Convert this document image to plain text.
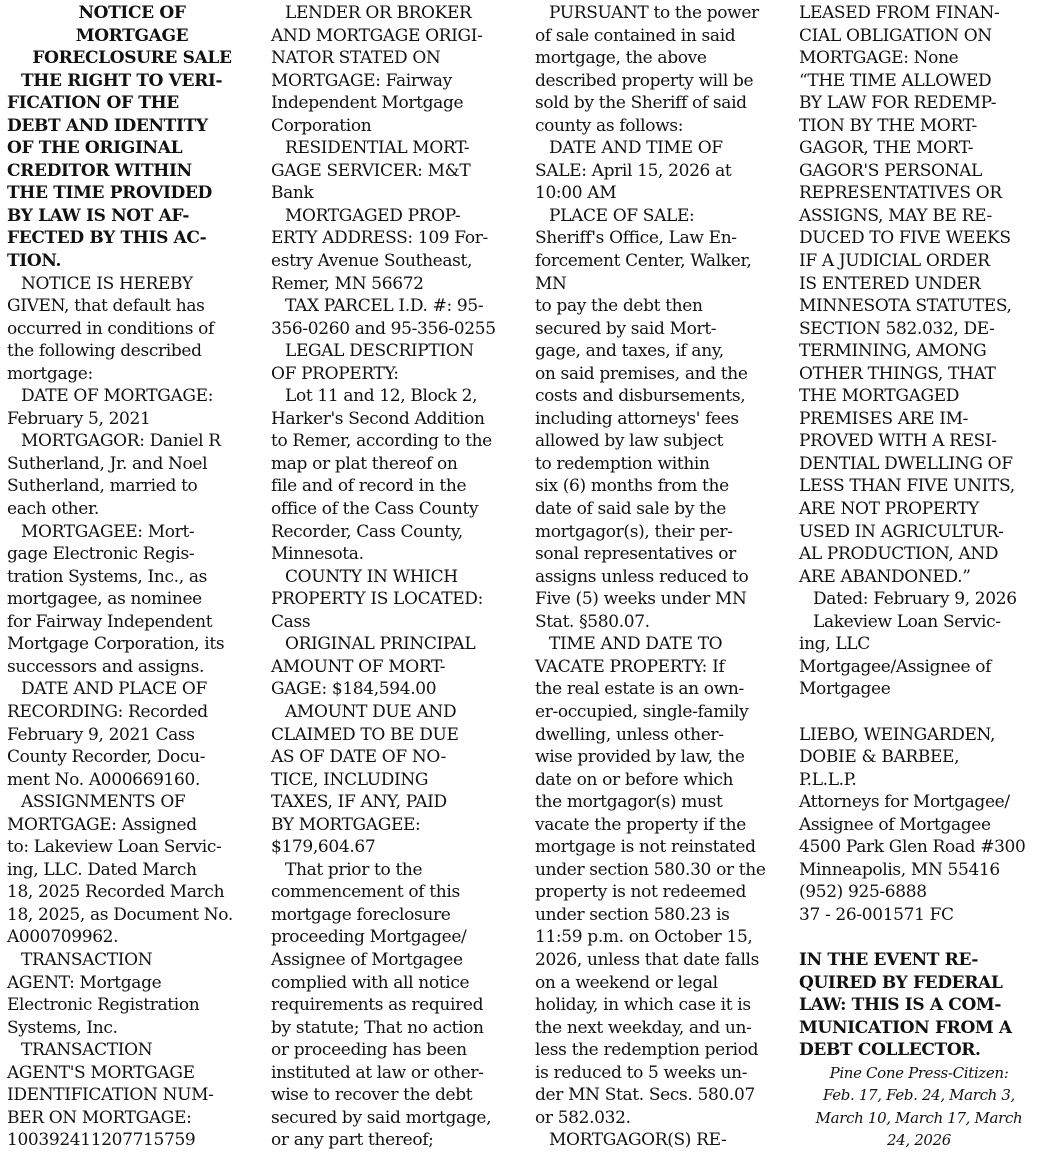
NOTICE OF
MORTGAGE
FORECLOSURE SALE
THE RIGHT TO VERI-
FICATION OF THE
DEBT AND IDENTITY
OF THE ORIGINAL
CREDITOR WITHIN
THE TIME PROVIDED
BY LAW IS NOT AF-
FECTED BY THIS AC-
TION.
NOTICE IS HEREBY
GIVEN, that default has
occurred in conditions of
the following described
mortgage:
DATE OF MORTGAGE:
February 5, 2021
MORTGAGOR: Daniel R
Sutherland, Jr. and Noel
Sutherland, married to
each other.
MORTGAGEE: Mort-
gage Electronic Regis-
tration Systems, Inc., as
mortgagee, as nominee
for Fairway Independent
Mortgage Corporation, its
successors and assigns.
DATE AND PLACE OF
RECORDING: Recorded
February 9, 2021 Cass
County Recorder, Docu-
ment No. A000669160.
ASSIGNMENTS OF
MORTGAGE: Assigned
to: Lakeview Loan Servic-
ing, LLC. Dated March
18, 2025 Recorded March
18, 2025, as Document No.
A000709962.
TRANSACTION
AGENT: Mortgage
Electronic Registration
Systems, Inc.
TRANSACTION
AGENT'S MORTGAGE
IDENTIFICATION NUM-
BER ON MORTGAGE:
100392411207715759
LENDER OR BROKER
AND MORTGAGE ORIGI-
NATOR STATED ON
MORTGAGE: Fairway
Independent Mortgage
Corporation
RESIDENTIAL MORT-
GAGE SERVICER: M&T
Bank
MORTGAGED PROP-
ERTY ADDRESS: 109 For-
estry Avenue Southeast,
Remer, MN 56672
TAX PARCEL I.D. #: 95-
356-0260 and 95-356-0255
LEGAL DESCRIPTION
OF PROPERTY:
Lot 11 and 12, Block 2,
Harker's Second Addition
to Remer, according to the
map or plat thereof on
file and of record in the
office of the Cass County
Recorder, Cass County,
Minnesota.
COUNTY IN WHICH
PROPERTY IS LOCATED:
Cass
ORIGINAL PRINCIPAL
AMOUNT OF MORT-
GAGE: $184,594.00
AMOUNT DUE AND
CLAIMED TO BE DUE
AS OF DATE OF NO-
TICE, INCLUDING
TAXES, IF ANY, PAID
BY MORTGAGEE:
$179,604.67
That prior to the
commencement of this
mortgage foreclosure
proceeding Mortgagee/
Assignee of Mortgagee
complied with all notice
requirements as required
by statute; That no action
or proceeding has been
instituted at law or other-
wise to recover the debt
secured by said mortgage,
or any part thereof;
PURSUANT to the power
of sale contained in said
mortgage, the above
described property will be
sold by the Sheriff of said
county as follows:
DATE AND TIME OF
SALE: April 15, 2026 at
10:00 AM
PLACE OF SALE:
Sheriff's Office, Law En-
forcement Center, Walker,
MN
to pay the debt then
secured by said Mort-
gage, and taxes, if any,
on said premises, and the
costs and disbursements,
including attorneys' fees
allowed by law subject
to redemption within
six (6) months from the
date of said sale by the
mortgagor(s), their per-
sonal representatives or
assigns unless reduced to
Five (5) weeks under MN
Stat. §580.07.
TIME AND DATE TO
VACATE PROPERTY: If
the real estate is an own-
er-occupied, single-family
dwelling, unless other-
wise provided by law, the
date on or before which
the mortgagor(s) must
vacate the property if the
mortgage is not reinstated
under section 580.30 or the
property is not redeemed
under section 580.23 is
11:59 p.m. on October 15,
2026, unless that date falls
on a weekend or legal
holiday, in which case it is
the next weekday, and un-
less the redemption period
is reduced to 5 weeks un-
der MN Stat. Secs. 580.07
or 582.032.
MORTGAGOR(S) RE-
LEASED FROM FINAN-
CIAL OBLIGATION ON
MORTGAGE: None
“THE TIME ALLOWED
BY LAW FOR REDEMP-
TION BY THE MORT-
GAGOR, THE MORT-
GAGOR'S PERSONAL
REPRESENTATIVES OR
ASSIGNS, MAY BE RE-
DUCED TO FIVE WEEKS
IF A JUDICIAL ORDER
IS ENTERED UNDER
MINNESOTA STATUTES,
SECTION 582.032, DE-
TERMINING, AMONG
OTHER THINGS, THAT
THE MORTGAGED
PREMISES ARE IM-
PROVED WITH A RESI-
DENTIAL DWELLING OF
LESS THAN FIVE UNITS,
ARE NOT PROPERTY
USED IN AGRICULTUR-
AL PRODUCTION, AND
ARE ABANDONED.”
Dated: February 9, 2026
Lakeview Loan Servic-
ing, LLC
Mortgagee/Assignee of
Mortgagee
LIEBO, WEINGARDEN,
DOBIE & BARBEE,
P.L.L.P.
Attorneys for Mortgagee/
Assignee of Mortgagee
4500 Park Glen Road #300
Minneapolis, MN 55416
(952) 925-6888
37 - 26-001571 FC
IN THE EVENT RE-
QUIRED BY FEDERAL
LAW: THIS IS A COM-
MUNICATION FROM A
DEBT COLLECTOR.
Pine Cone Press-Citizen:
Feb. 17, Feb. 24, March 3,
March 10, March 17, March
24, 2026
